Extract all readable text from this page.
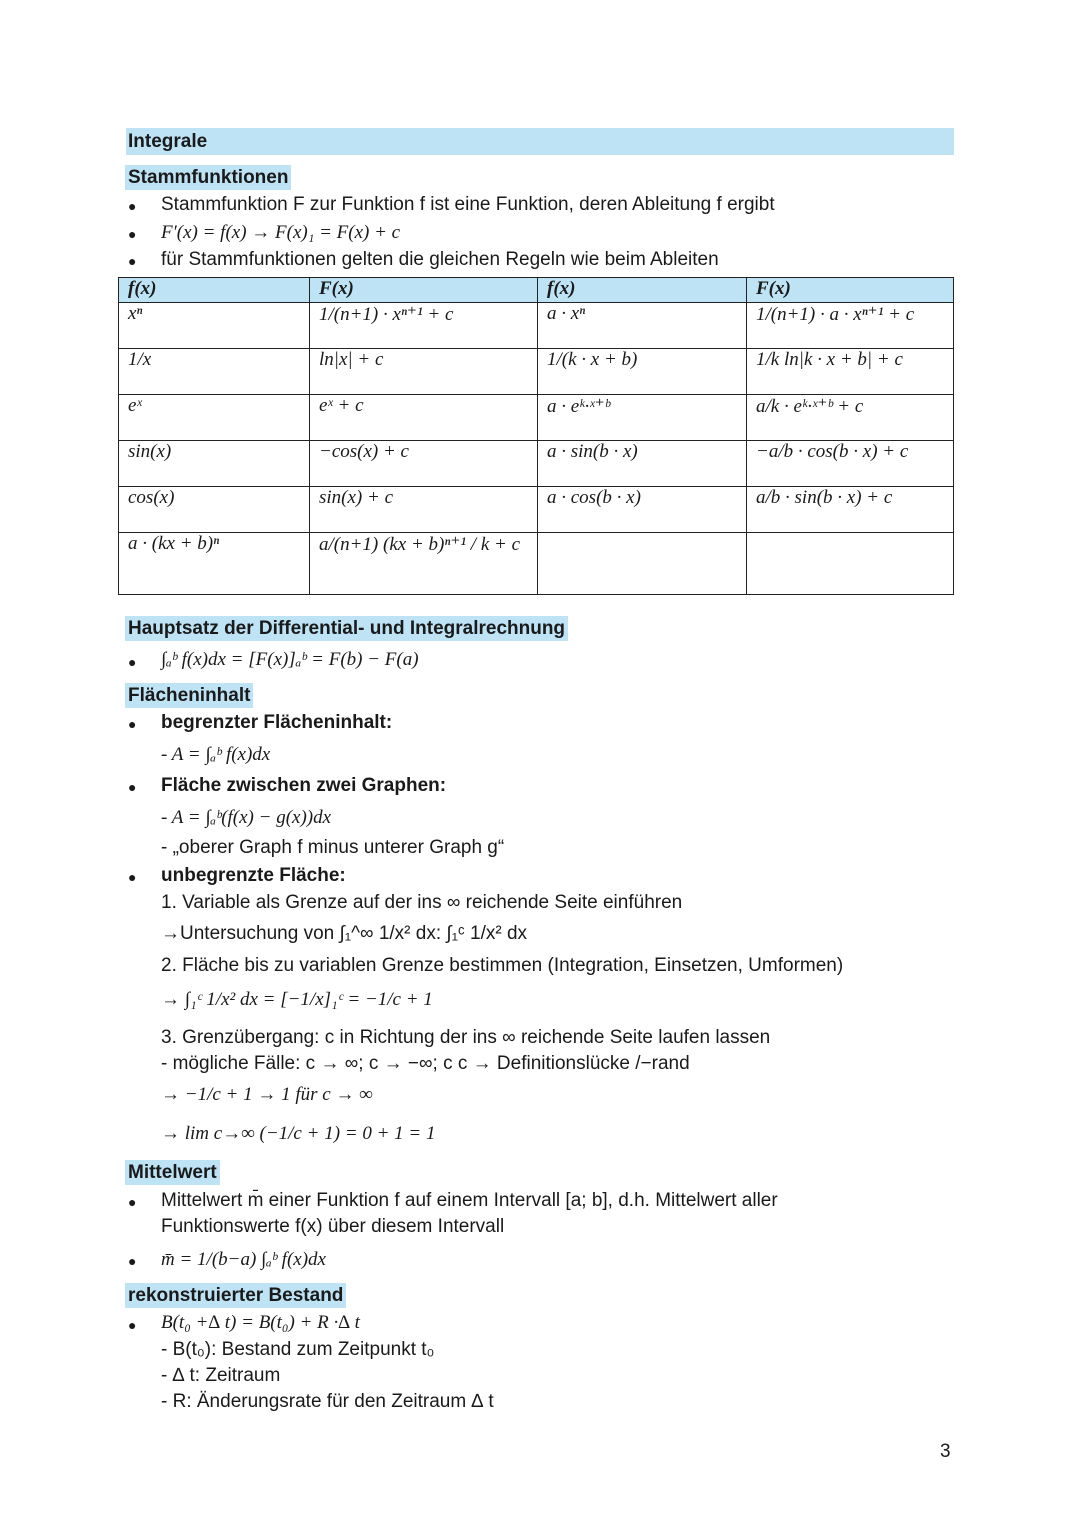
Integrale
Stammfunktionen
● Stammfunktion F zur Funktion f ist eine Funktion, deren Ableitung f ergibt
● F′(x) = f(x) → F(x)₁ = F(x) + c
● für Stammfunktionen gelten die gleichen Regeln wie beim Ableiten
f(x)	F(x)	f(x)	F(x)
xⁿ	1/(n+1) · xⁿ⁺¹ + c	a · xⁿ	1/(n+1) · a · xⁿ⁺¹ + c
1/x	ln|x| + c	1/(k · x + b)	1/k ln|k · x + b| + c
eˣ	eˣ + c	a · eᵏ·ˣ⁺ᵇ	a/k · eᵏ·ˣ⁺ᵇ + c
sin(x)	−cos(x) + c	a · sin(b · x)	−a/b · cos(b · x) + c
cos(x)	sin(x) + c	a · cos(b · x)	a/b · sin(b · x) + c
a · (kx + b)ⁿ	a/(n+1) (kx + b)ⁿ⁺¹ / k + c		
Hauptsatz der Differential- und Integralrechnung
● ∫ₐᵇ f(x)dx = [F(x)]ₐᵇ = F(b) − F(a)
Flächeninhalt
● begrenzter Flächeninhalt:
- A = ∫ₐᵇ f(x)dx
● Fläche zwischen zwei Graphen:
- A = ∫ₐᵇ(f(x) − g(x))dx
- „oberer Graph f minus unterer Graph g“
● unbegrenzte Fläche:
1. Variable als Grenze auf der ins ∞ reichende Seite einführen
→Untersuchung von ∫₁^∞ 1/x² dx: ∫₁ᶜ 1/x² dx
2. Fläche bis zu variablen Grenze bestimmen (Integration, Einsetzen, Umformen)
→ ∫₁ᶜ 1/x² dx = [−1/x]₁ᶜ = −1/c + 1
3. Grenzübergang: c in Richtung der ins ∞ reichende Seite laufen lassen
- mögliche Fälle: c → ∞; c → −∞; c c → Definitionslücke /−rand
→ −1/c + 1 → 1 für c → ∞
→ lim c→∞ (−1/c + 1) = 0 + 1 = 1
Mittelwert
● Mittelwert m̄ einer Funktion f auf einem Intervall [a; b], d.h. Mittelwert aller
Funktionswerte f(x) über diesem Intervall
● m̄ = 1/(b−a) ∫ₐᵇ f(x)dx
rekonstruierter Bestand
● B(t₀ +∆ t) = B(t₀) + R ·∆ t
- B(t₀): Bestand zum Zeitpunkt t₀
- ∆ t: Zeitraum
- R: Änderungsrate für den Zeitraum ∆ t
3
